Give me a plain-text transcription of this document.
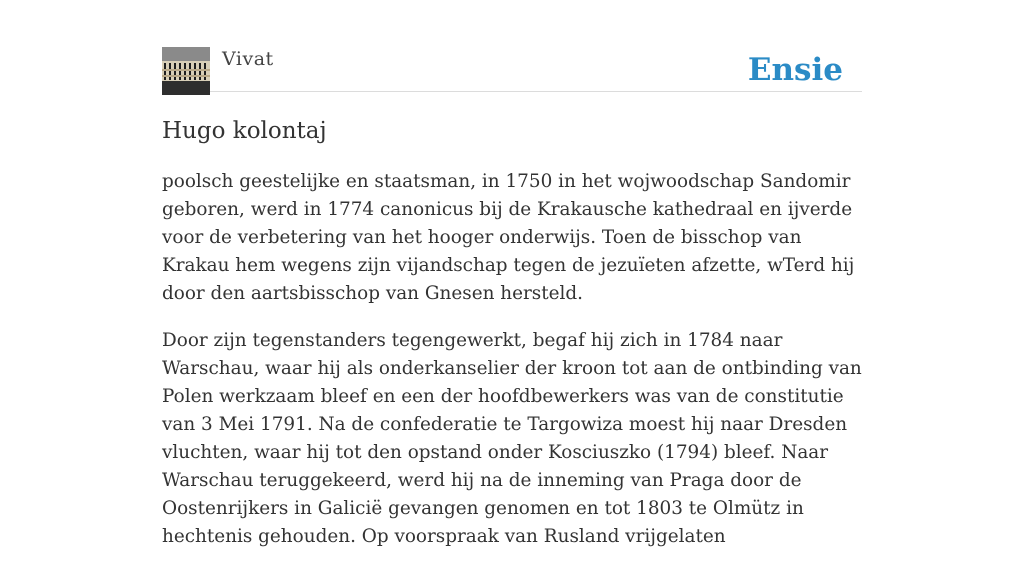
Vivat	Ensie
Hugo kolontaj

poolsch geestelijke en staatsman, in 1750 in het wojwoodschap Sandomir geboren, werd in 1774 canonicus bij de Krakausche kathedraal en ijverde voor de verbetering van het hooger onderwijs. Toen de bisschop van Krakau hem wegens zijn vijandschap tegen de jezuïeten afzette, wTerd hij door den aartsbisschop van Gnesen hersteld.

Door zijn tegenstanders tegengewerkt, begaf hij zich in 1784 naar Warschau, waar hij als onderkanselier der kroon tot aan de ontbinding van Polen werkzaam bleef en een der hoofdbewerkers was van de constitutie van 3 Mei 1791. Na de confederatie te Targowiza moest hij naar Dresden vluchten, waar hij tot den opstand onder Kosciuszko (1794) bleef. Naar Warschau teruggekeerd, werd hij na de inneming van Praga door de Oostenrijkers in Galicië gevangen genomen en tot 1803 te Olmütz in hechtenis gehouden. Op voorspraak van Rusland vrijgelaten
